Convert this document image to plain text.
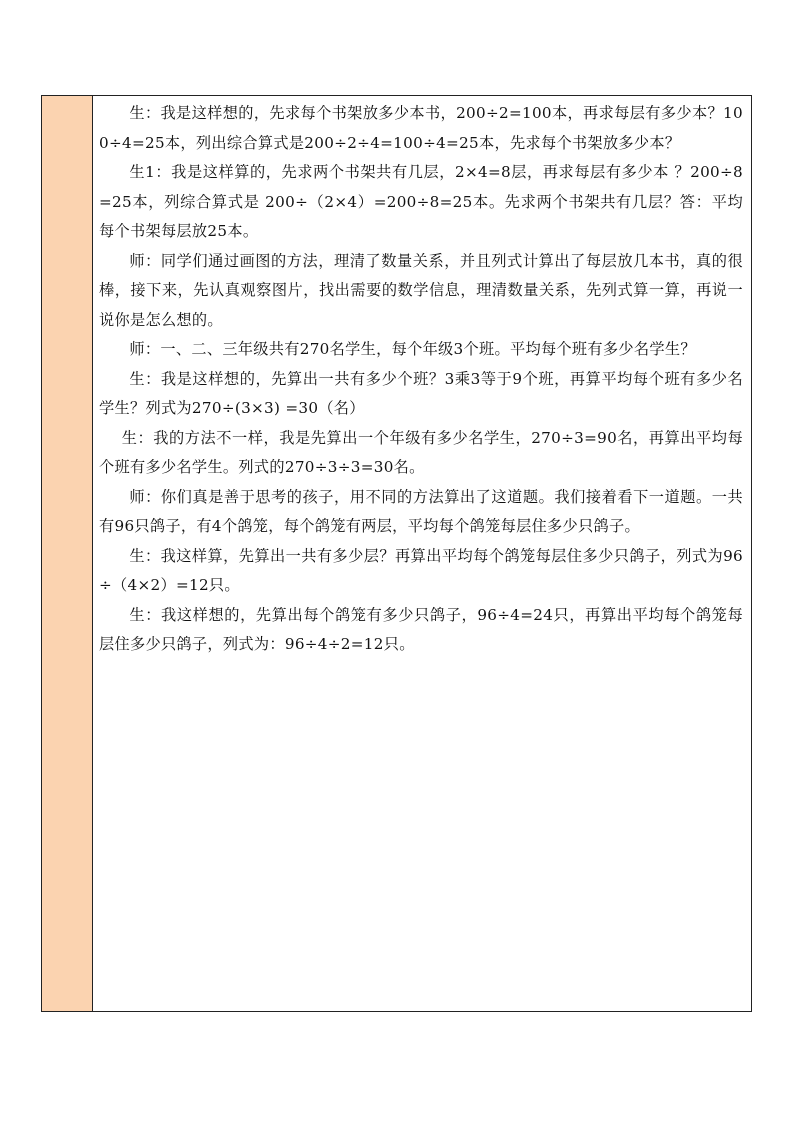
生：我是这样想的，先求每个书架放多少本书，200÷2=100本，再求每层有多少本？100÷4=25本，列出综合算式是200÷2÷4=100÷4=25本，先求每个书架放多少本？

生1：我是这样算的，先求两个书架共有几层，2×4=8层，再求每层有多少本 ？200÷8=25本，列综合算式是 200÷（2×4）=200÷8=25本。先求两个书架共有几层？答：平均每个书架每层放25本。

师：同学们通过画图的方法，理清了数量关系，并且列式计算出了每层放几本书，真的很棒，接下来，先认真观察图片，找出需要的数学信息，理清数量关系，先列式算一算，再说一说你是怎么想的。

师：一、二、三年级共有270名学生，每个年级3个班。平均每个班有多少名学生？

生：我是这样想的，先算出一共有多少个班？3乘3等于9个班，再算平均每个班有多少名学生？列式为270÷(3×3) =30（名）

生：我的方法不一样，我是先算出一个年级有多少名学生，270÷3=90名，再算出平均每个班有多少名学生。列式的270÷3÷3=30名。

师：你们真是善于思考的孩子，用不同的方法算出了这道题。我们接着看下一道题。一共有96只鸽子，有4个鸽笼，每个鸽笼有两层，平均每个鸽笼每层住多少只鸽子。

生：我这样算，先算出一共有多少层？再算出平均每个鸽笼每层住多少只鸽子，列式为96÷（4×2）=12只。

生：我这样想的，先算出每个鸽笼有多少只鸽子，96÷4=24只，再算出平均每个鸽笼每层住多少只鸽子，列式为：96÷4÷2=12只。
